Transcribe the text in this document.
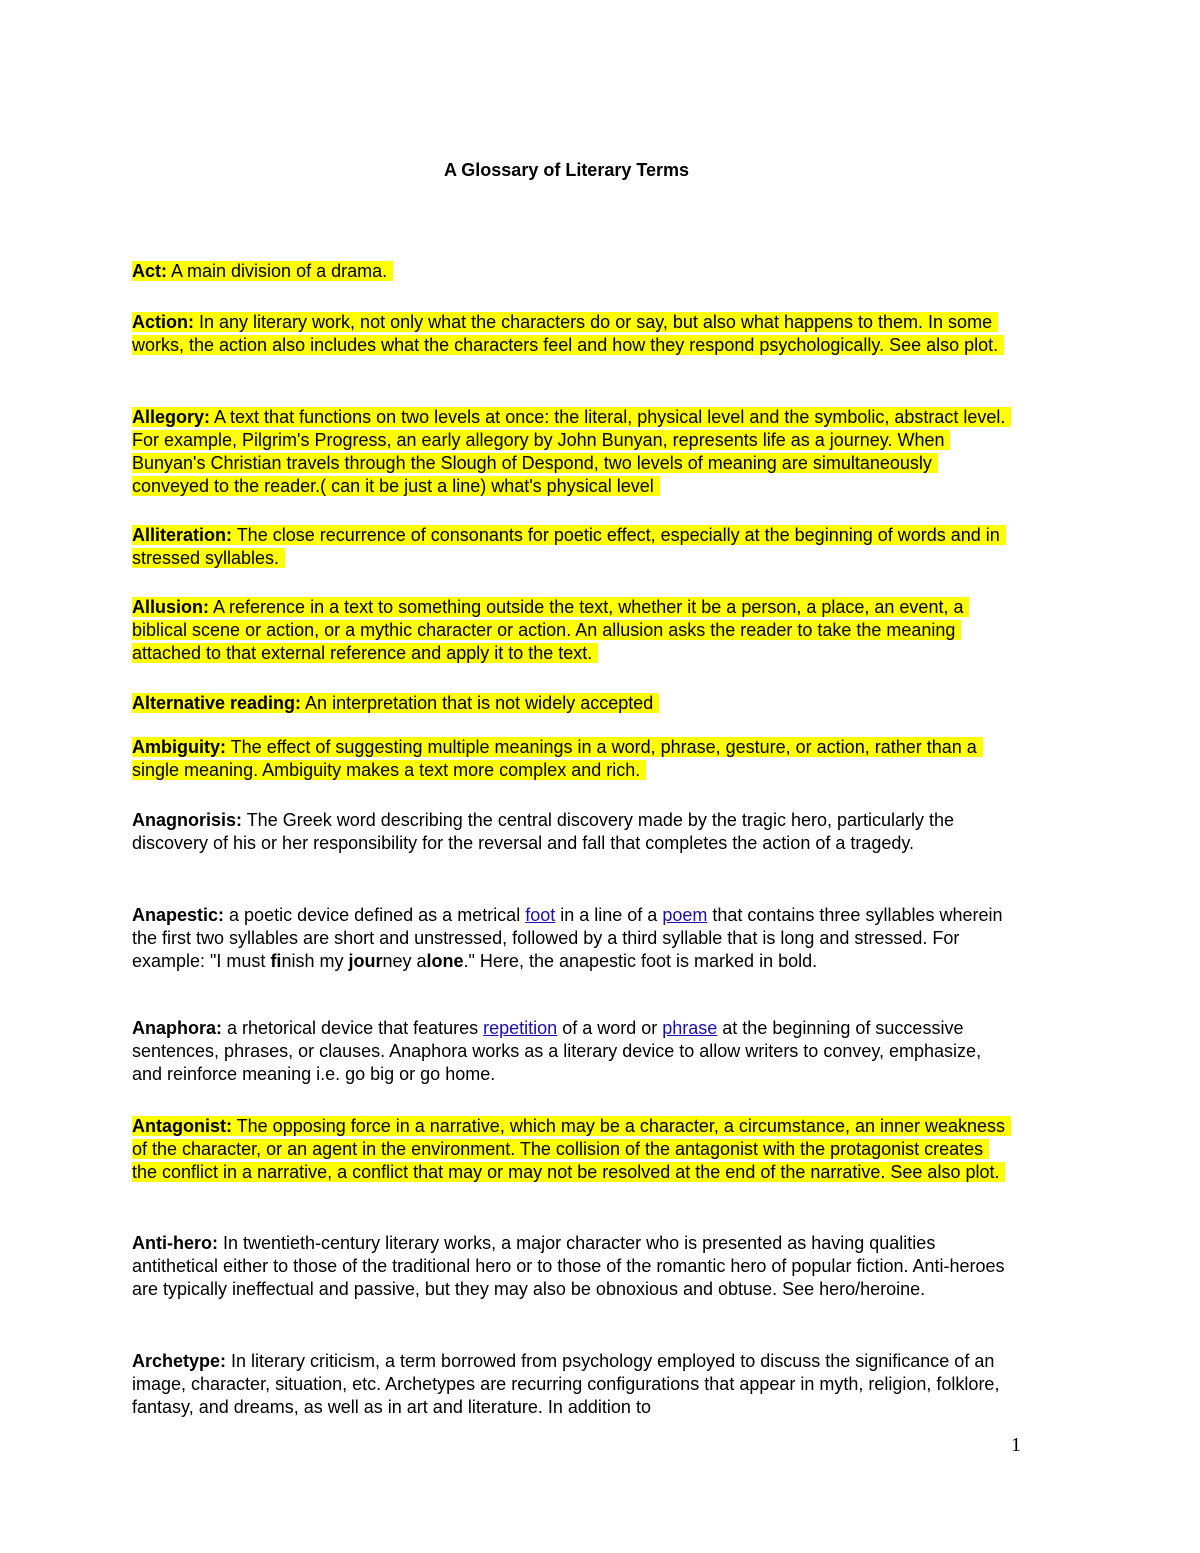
A Glossary of Literary Terms

Act: A main division of a drama.

Action: In any literary work, not only what the characters do or say, but also what happens to them. In some works, the action also includes what the characters feel and how they respond psychologically. See also plot.

Allegory: A text that functions on two levels at once: the literal, physical level and the symbolic, abstract level. For example, Pilgrim's Progress, an early allegory by John Bunyan, represents life as a journey. When Bunyan's Christian travels through the Slough of Despond, two levels of meaning are simultaneously conveyed to the reader.( can it be just a line) what's physical level

Alliteration: The close recurrence of consonants for poetic effect, especially at the beginning of words and in stressed syllables.

Allusion: A reference in a text to something outside the text, whether it be a person, a place, an event, a biblical scene or action, or a mythic character or action. An allusion asks the reader to take the meaning attached to that external reference and apply it to the text.

Alternative reading: An interpretation that is not widely accepted

Ambiguity: The effect of suggesting multiple meanings in a word, phrase, gesture, or action, rather than a single meaning. Ambiguity makes a text more complex and rich.

Anagnorisis: The Greek word describing the central discovery made by the tragic hero, particularly the discovery of his or her responsibility for the reversal and fall that completes the action of a tragedy.

Anapestic: a poetic device defined as a metrical foot in a line of a poem that contains three syllables wherein the first two syllables are short and unstressed, followed by a third syllable that is long and stressed. For example: "I must finish my journey alone." Here, the anapestic foot is marked in bold.

Anaphora: a rhetorical device that features repetition of a word or phrase at the beginning of successive sentences, phrases, or clauses. Anaphora works as a literary device to allow writers to convey, emphasize, and reinforce meaning i.e. go big or go home.

Antagonist: The opposing force in a narrative, which may be a character, a circumstance, an inner weakness of the character, or an agent in the environment. The collision of the antagonist with the protagonist creates the conflict in a narrative, a conflict that may or may not be resolved at the end of the narrative. See also plot.

Anti-hero: In twentieth-century literary works, a major character who is presented as having qualities antithetical either to those of the traditional hero or to those of the romantic hero of popular fiction. Anti-heroes are typically ineffectual and passive, but they may also be obnoxious and obtuse. See hero/heroine.

Archetype: In literary criticism, a term borrowed from psychology employed to discuss the significance of an image, character, situation, etc. Archetypes are recurring configurations that appear in myth, religion, folklore, fantasy, and dreams, as well as in art and literature. In addition to

1
